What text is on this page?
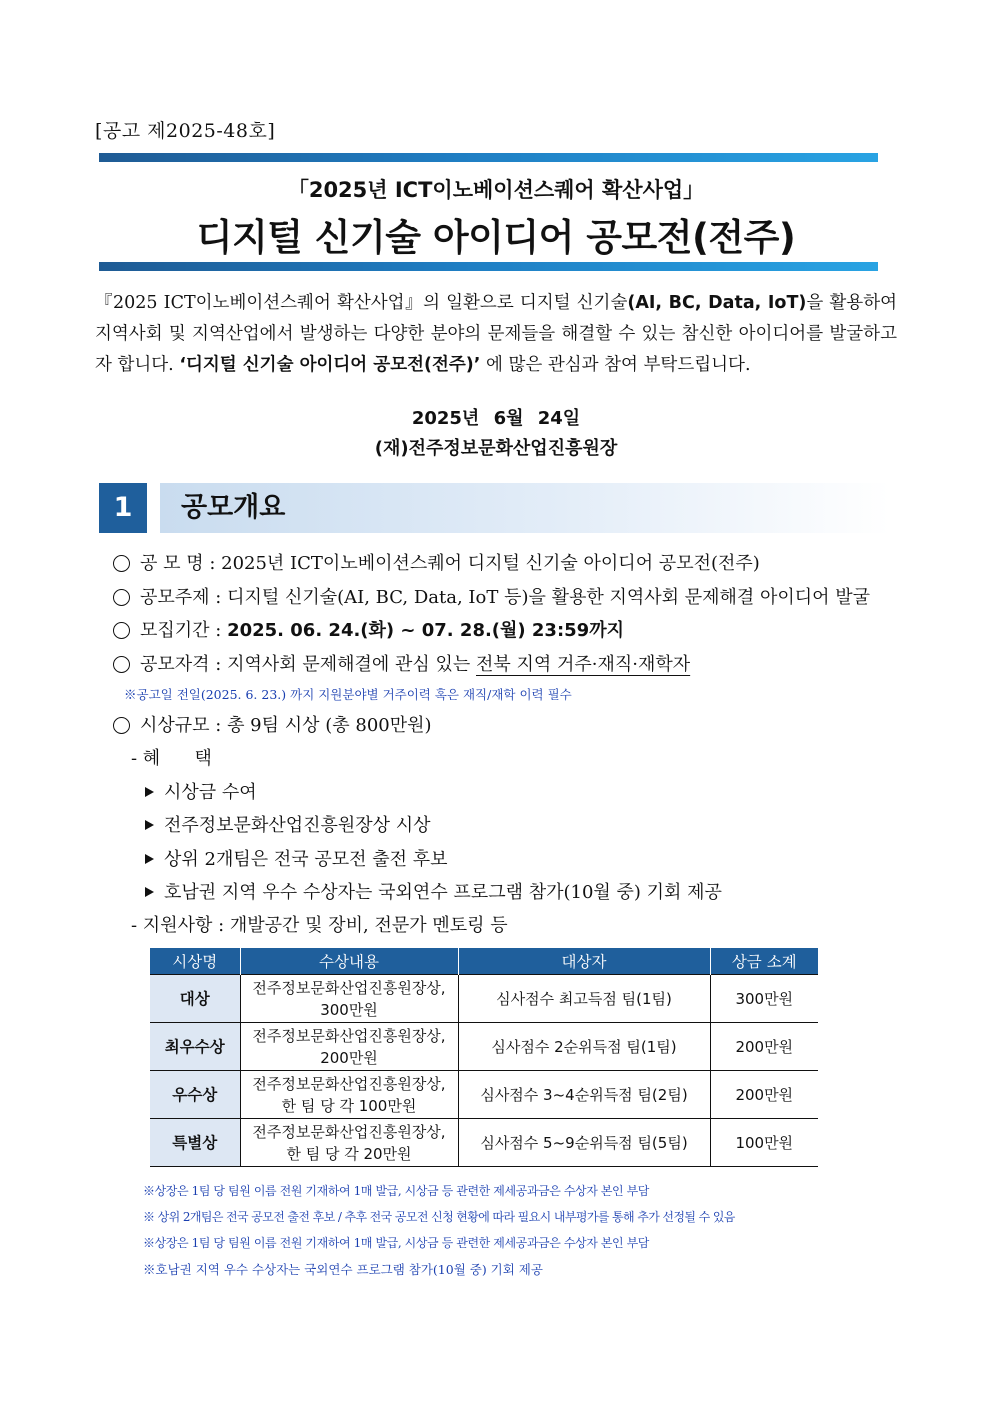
[공고 제2025-48호]
「2025년 ICT이노베이션스퀘어 확산사업」
디지털 신기술 아이디어 공모전(전주)
『2025 ICT이노베이션스퀘어 확산사업』의 일환으로 디지털 신기술(AI, BC, Data, IoT)을 활용하여 지역사회 및 지역산업에서 발생하는 다양한 분야의 문제들을 해결할 수 있는 참신한 아이디어를 발굴하고자 합니다. ‘디지털 신기술 아이디어 공모전(전주)’ 에 많은 관심과 참여 부탁드립니다.
2025년 6월 24일
(재)전주정보문화산업진흥원장
1	공모개요
공 모 명 : 2025년 ICT이노베이션스퀘어 디지털 신기술 아이디어 공모전(전주)
공모주제 : 디지털 신기술(AI, BC, Data, IoT 등)을 활용한 지역사회 문제해결 아이디어 발굴
모집기간 : 2025. 06. 24.(화) ~ 07. 28.(월) 23:59까지
공모자격 : 지역사회 문제해결에 관심 있는 전북 지역 거주·재직·재학자
※공고일 전일(2025. 6. 23.) 까지 지원분야별 거주이력 혹은 재직/재학 이력 필수
시상규모 : 총 9팀 시상 (총 800만원)
- 혜      택
시상금 수여
전주정보문화산업진흥원장상 시상
상위 2개팀은 전국 공모전 출전 후보
호남권 지역 우수 수상자는 국외연수 프로그램 참가(10월 중) 기회 제공
- 지원사항 : 개발공간 및 장비, 전문가 멘토링 등
시상명	수상내용	대상자	상금 소계
대상	전주정보문화산업진흥원장상,
300만원	심사점수 최고득점 팀(1팀)	300만원
최우수상	전주정보문화산업진흥원장상,
200만원	심사점수 2순위득점 팀(1팀)	200만원
우수상	전주정보문화산업진흥원장상,
한 팀 당 각 100만원	심사점수 3~4순위득점 팀(2팀)	200만원
특별상	전주정보문화산업진흥원장상,
한 팀 당 각 20만원	심사점수 5~9순위득점 팀(5팀)	100만원
※상장은 1팀 당 팀원 이름 전원 기재하여 1매 발급, 시상금 등 관련한 제세공과금은 수상자 본인 부담
※ 상위 2개팀은 전국 공모전 출전 후보 / 추후 전국 공모전 신청 현황에 따라 필요시 내부평가를 통해 추가 선정될 수 있음
※상장은 1팀 당 팀원 이름 전원 기재하여 1매 발급, 시상금 등 관련한 제세공과금은 수상자 본인 부담
※호남권 지역 우수 수상자는 국외연수 프로그램 참가(10월 중) 기회 제공
